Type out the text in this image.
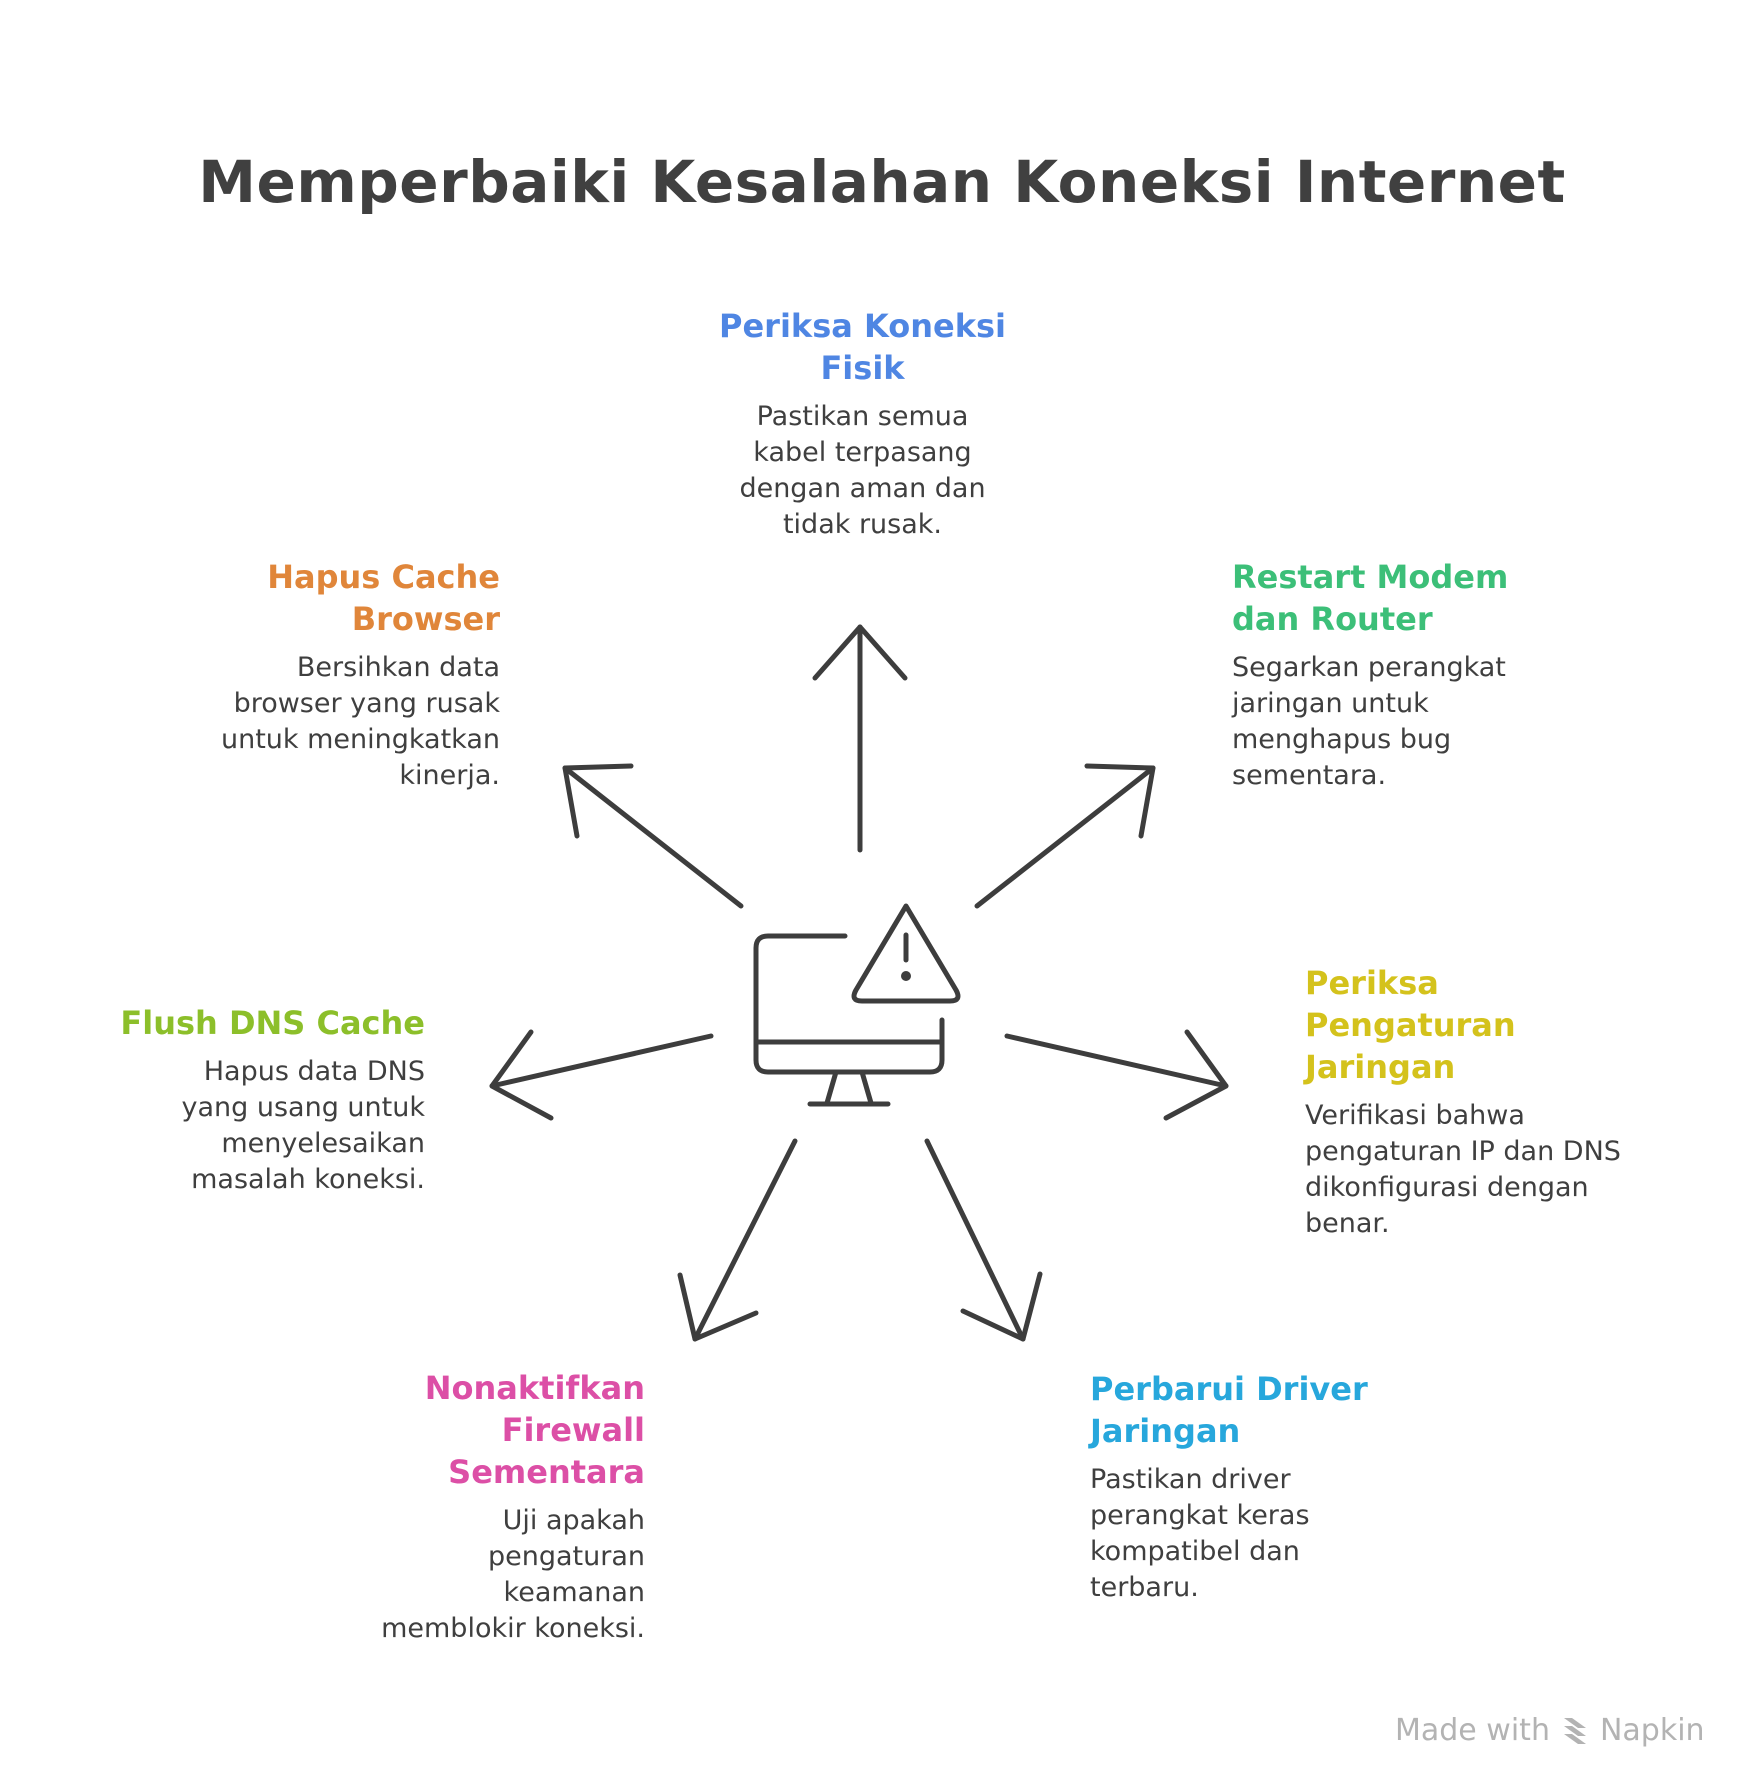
Memperbaiki Kesalahan Koneksi Internet
Periksa Koneksi
Fisik
Pastikan semua
kabel terpasang
dengan aman dan
tidak rusak.
Restart Modem
dan Router
Segarkan perangkat
jaringan untuk
menghapus bug
sementara.
Periksa
Pengaturan
Jaringan
Verifikasi bahwa
pengaturan IP dan DNS
dikonfigurasi dengan
benar.
Perbarui Driver
Jaringan
Pastikan driver
perangkat keras
kompatibel dan
terbaru.
Nonaktifkan
Firewall
Sementara
Uji apakah
pengaturan
keamanan
memblokir koneksi.
Flush DNS Cache
Hapus data DNS
yang usang untuk
menyelesaikan
masalah koneksi.
Hapus Cache
Browser
Bersihkan data
browser yang rusak
untuk meningkatkan
kinerja.
Made with Napkin
